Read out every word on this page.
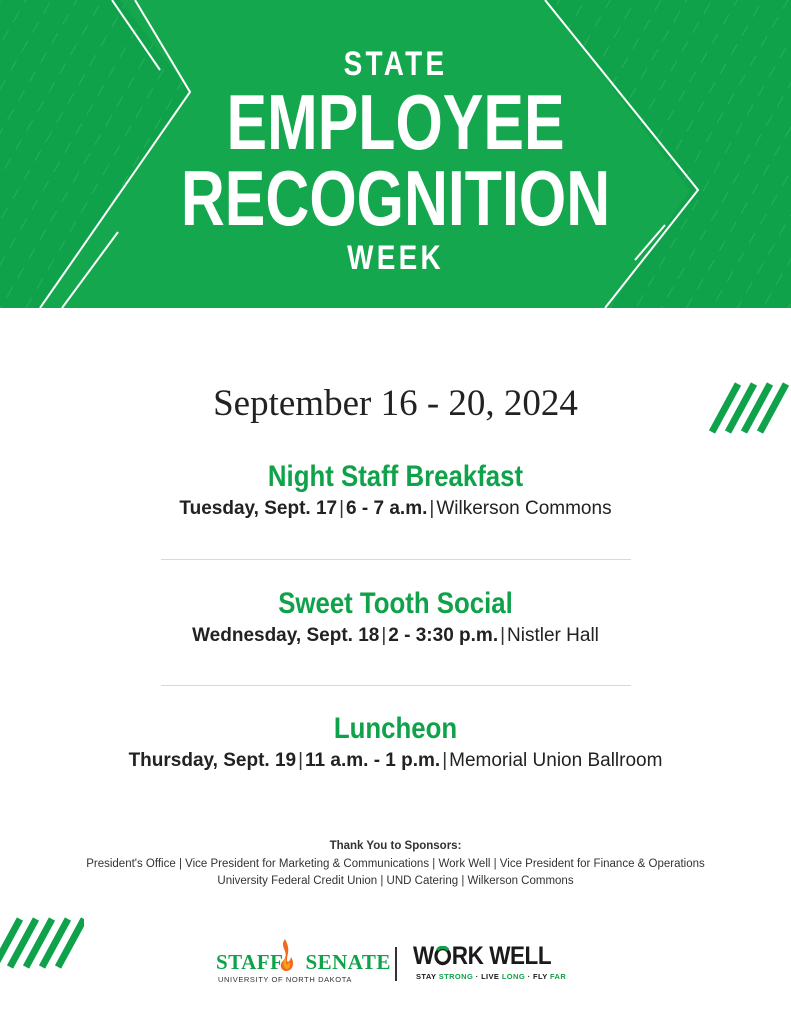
STATE
EMPLOYEE
RECOGNITION
WEEK
September 16 - 20, 2024
Night Staff Breakfast
Tuesday, Sept. 17 | 6 - 7 a.m. | Wilkerson Commons
Sweet Tooth Social
Wednesday, Sept. 18 | 2 - 3:30 p.m. | Nistler Hall
Luncheon
Thursday, Sept. 19 | 11 a.m. - 1 p.m. | Memorial Union Ballroom
Thank You to Sponsors:
President's Office | Vice President for Marketing & Communications | Work Well | Vice President for Finance & Operations
University Federal Credit Union | UND Catering | Wilkerson Commons
STAFF SENATE
UNIVERSITY OF NORTH DAKOTA
W RK WELL
STAY STRONG · LIVE LONG · FLY FAR
